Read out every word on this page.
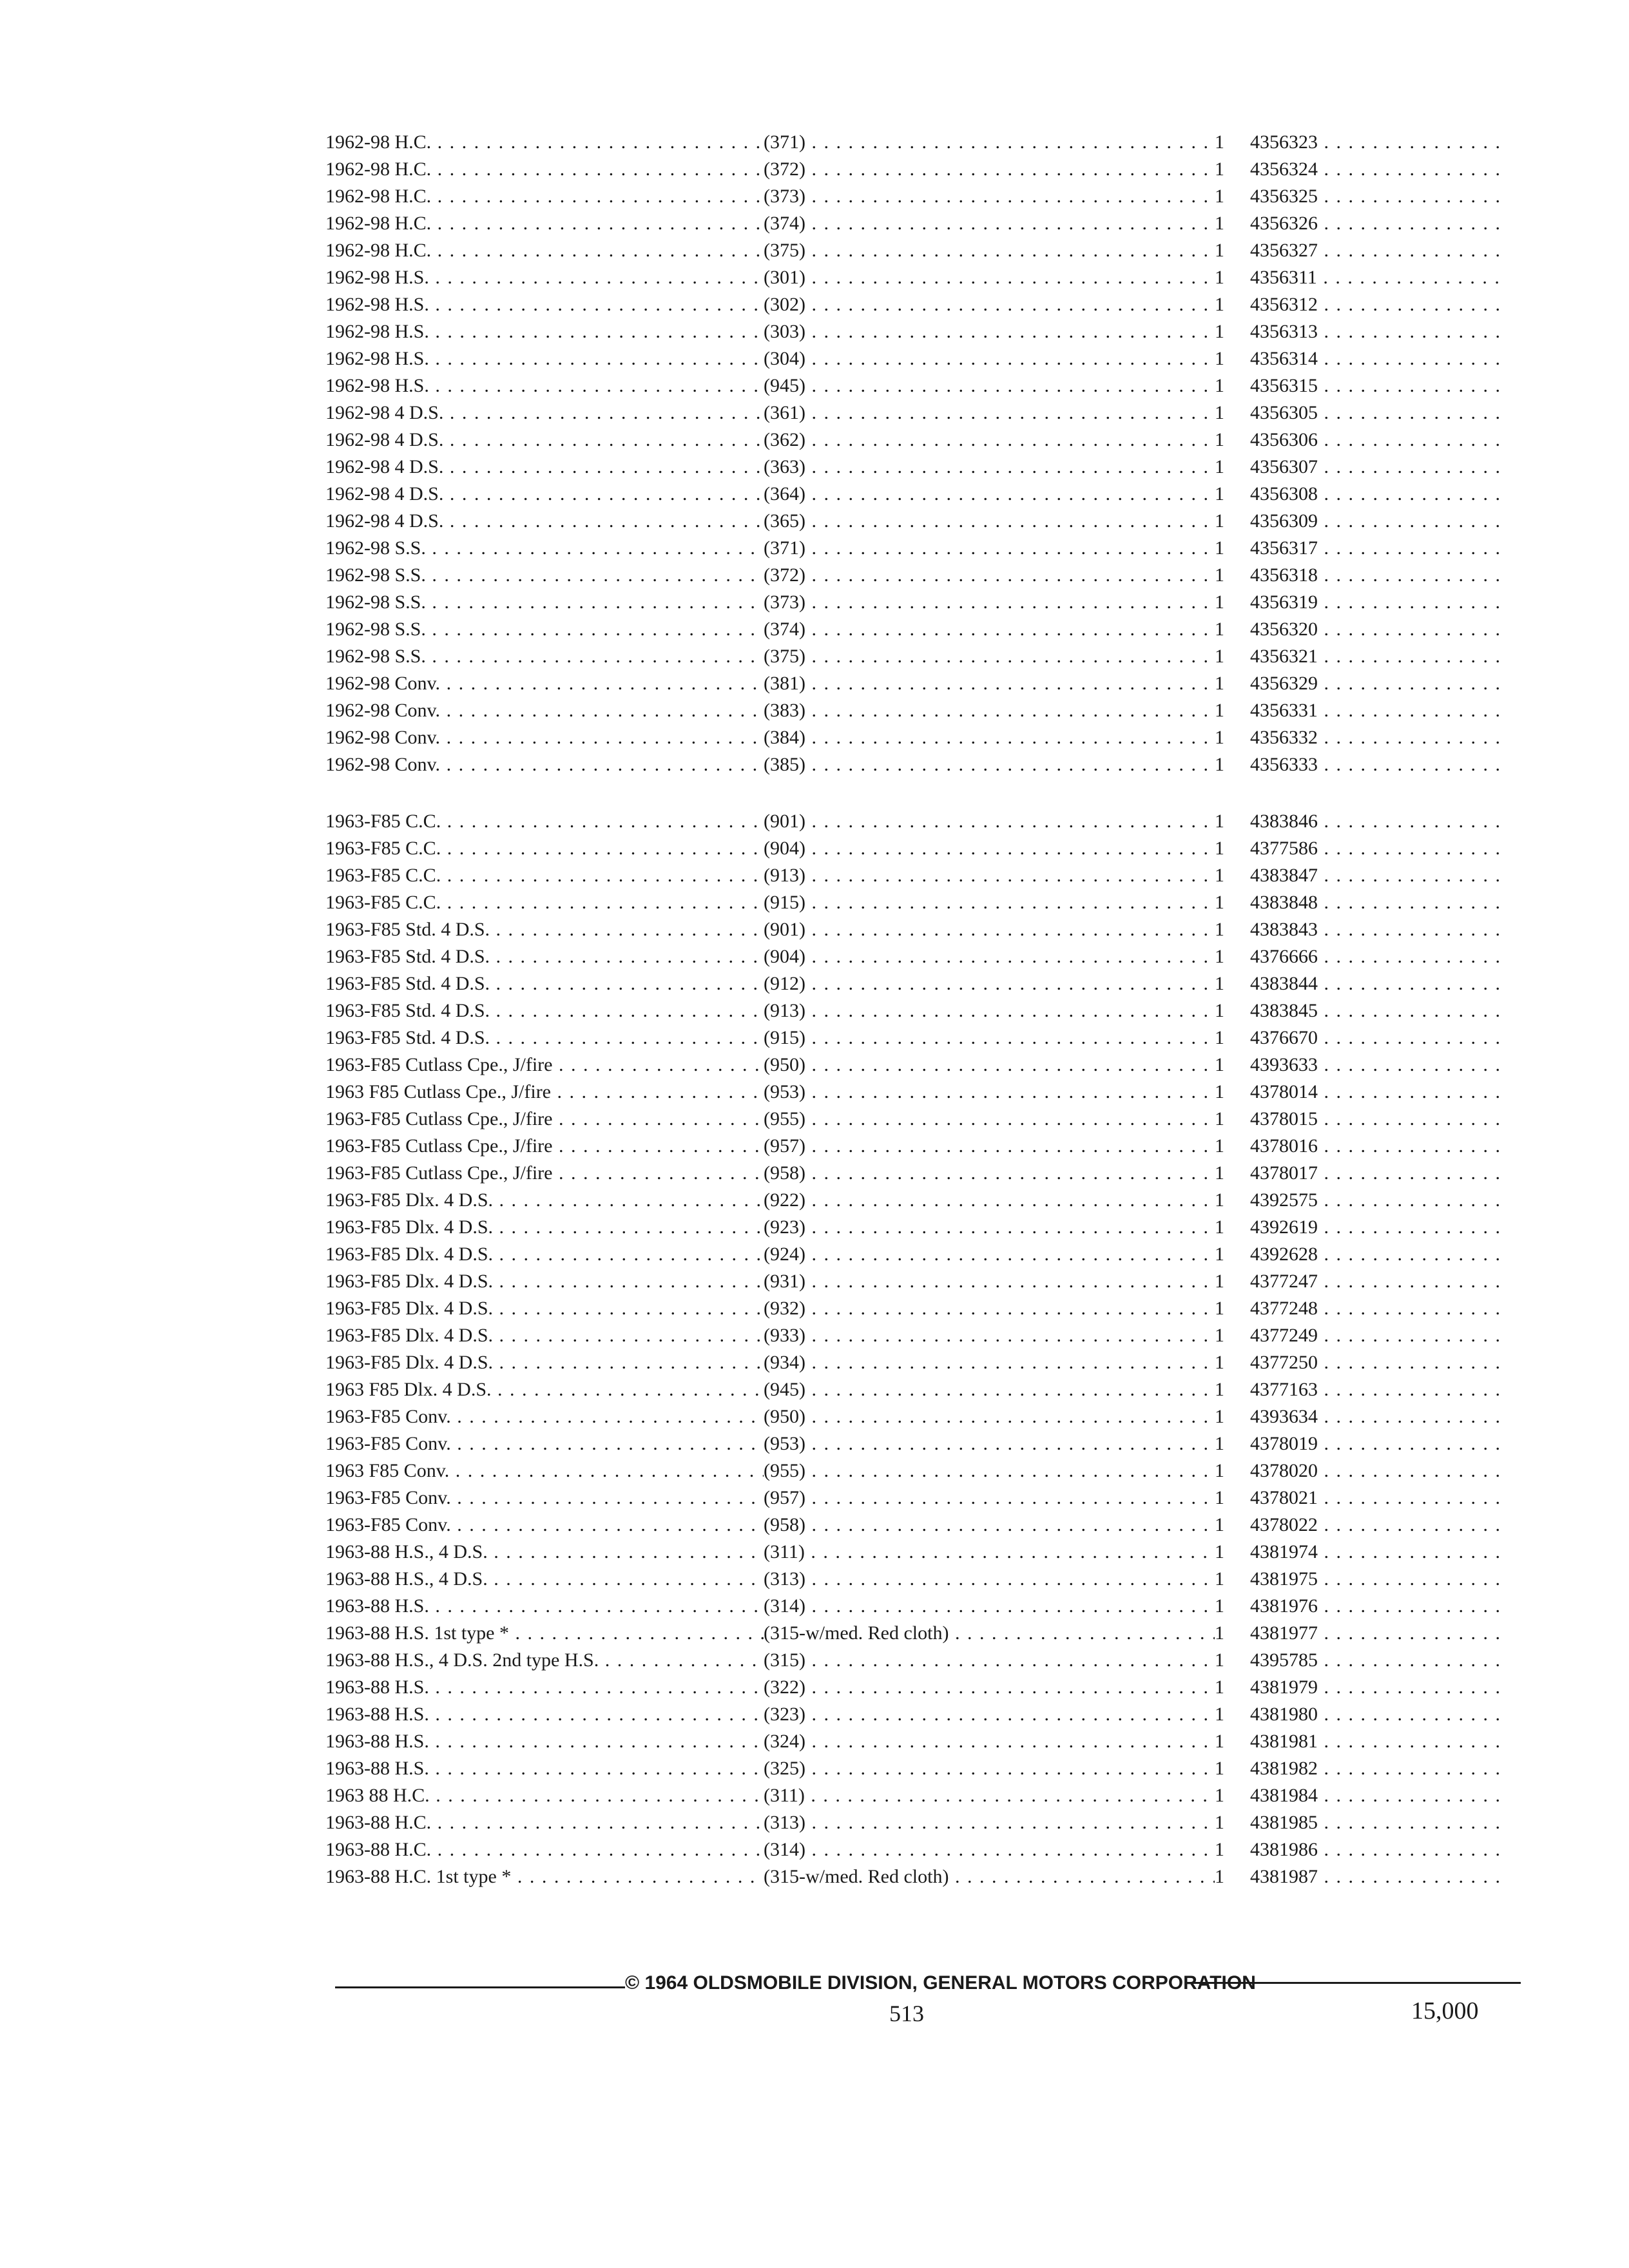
1962-98 H.C. . . .	(371) . . .	1	4356323 . . .
1962-98 H.C. . . .	(372) . . .	1	4356324 . . .
1962-98 H.C. . . .	(373) . . .	1	4356325 . . .
1962-98 H.C. . . .	(374) . . .	1	4356326 . . .
1962-98 H.C. . . .	(375) . . .	1	4356327 . . .
1962-98 H.S. . . .	(301) . . .	1	4356311 . . .
1962-98 H.S. . . .	(302) . . .	1	4356312 . . .
1962-98 H.S. . . .	(303) . . .	1	4356313 . . .
1962-98 H.S. . . .	(304) . . .	1	4356314 . . .
1962-98 H.S. . . .	(945) . . .	1	4356315 . . .
1962-98 4 D.S. . . .	(361) . . .	1	4356305 . . .
1962-98 4 D.S. . . .	(362) . . .	1	4356306 . . .
1962-98 4 D.S. . . .	(363) . . .	1	4356307 . . .
1962-98 4 D.S. . . .	(364) . . .	1	4356308 . . .
1962-98 4 D.S. . . .	(365) . . .	1	4356309 . . .
1962-98 S.S. . . .	(371) . . .	1	4356317 . . .
1962-98 S.S. . . .	(372) . . .	1	4356318 . . .
1962-98 S.S. . . .	(373) . . .	1	4356319 . . .
1962-98 S.S. . . .	(374) . . .	1	4356320 . . .
1962-98 S.S. . . .	(375) . . .	1	4356321 . . .
1962-98 Conv. . . .	(381) . . .	1	4356329 . . .
1962-98 Conv. . . .	(383) . . .	1	4356331 . . .
1962-98 Conv. . . .	(384) . . .	1	4356332 . . .
1962-98 Conv. . . .	(385) . . .	1	4356333 . . .
1963-F85 C.C. . . .	(901) . . .	1	4383846 . . .
1963-F85 C.C. . . .	(904) . . .	1	4377586 . . .
1963-F85 C.C. . . .	(913) . . .	1	4383847 . . .
1963-F85 C.C. . . .	(915) . . .	1	4383848 . . .
1963-F85 Std. 4 D.S. . . .	(901) . . .	1	4383843 . . .
1963-F85 Std. 4 D.S. . . .	(904) . . .	1	4376666 . . .
1963-F85 Std. 4 D.S. . . .	(912) . . .	1	4383844 . . .
1963-F85 Std. 4 D.S. . . .	(913) . . .	1	4383845 . . .
1963-F85 Std. 4 D.S. . . .	(915) . . .	1	4376670 . . .
1963-F85 Cutlass Cpe., J/fire . . .	(950) . . .	1	4393633 . . .
1963 F85 Cutlass Cpe., J/fire . . .	(953) . . .	1	4378014 . . .
1963-F85 Cutlass Cpe., J/fire . . .	(955) . . .	1	4378015 . . .
1963-F85 Cutlass Cpe., J/fire . . .	(957) . . .	1	4378016 . . .
1963-F85 Cutlass Cpe., J/fire . . .	(958) . . .	1	4378017 . . .
1963-F85 Dlx. 4 D.S. . . .	(922) . . .	1	4392575 . . .
1963-F85 Dlx. 4 D.S. . . .	(923) . . .	1	4392619 . . .
1963-F85 Dlx. 4 D.S. . . .	(924) . . .	1	4392628 . . .
1963-F85 Dlx. 4 D.S. . . .	(931) . . .	1	4377247 . . .
1963-F85 Dlx. 4 D.S. . . .	(932) . . .	1	4377248 . . .
1963-F85 Dlx. 4 D.S. . . .	(933) . . .	1	4377249 . . .
1963-F85 Dlx. 4 D.S. . . .	(934) . . .	1	4377250 . . .
1963 F85 Dlx. 4 D.S. . . .	(945) . . .	1	4377163 . . .
1963-F85 Conv. . . .	(950) . . .	1	4393634 . . .
1963-F85 Conv. . . .	(953) . . .	1	4378019 . . .
1963 F85 Conv. . . .	(955) . . .	1	4378020 . . .
1963-F85 Conv. . . .	(957) . . .	1	4378021 . . .
1963-F85 Conv. . . .	(958) . . .	1	4378022 . . .
1963-88 H.S., 4 D.S. . . .	(311) . . .	1	4381974 . . .
1963-88 H.S., 4 D.S. . . .	(313) . . .	1	4381975 . . .
1963-88 H.S. . . .	(314) . . .	1	4381976 . . .
1963-88 H.S. 1st type * . . .	(315-w/med. Red cloth) . . .	1	4381977 . . .
1963-88 H.S., 4 D.S. 2nd type H.S. . . .	(315) . . .	1	4395785 . . .
1963-88 H.S. . . .	(322) . . .	1	4381979 . . .
1963-88 H.S. . . .	(323) . . .	1	4381980 . . .
1963-88 H.S. . . .	(324) . . .	1	4381981 . . .
1963-88 H.S. . . .	(325) . . .	1	4381982 . . .
1963 88 H.C. . . .	(311) . . .	1	4381984 . . .
1963-88 H.C. . . .	(313) . . .	1	4381985 . . .
1963-88 H.C. . . .	(314) . . .	1	4381986 . . .
1963-88 H.C. 1st type * . . .	(315-w/med. Red cloth) . . .	1	4381987 . . .
© 1964 OLDSMOBILE DIVISION, GENERAL MOTORS CORPORATION
513	15,000
